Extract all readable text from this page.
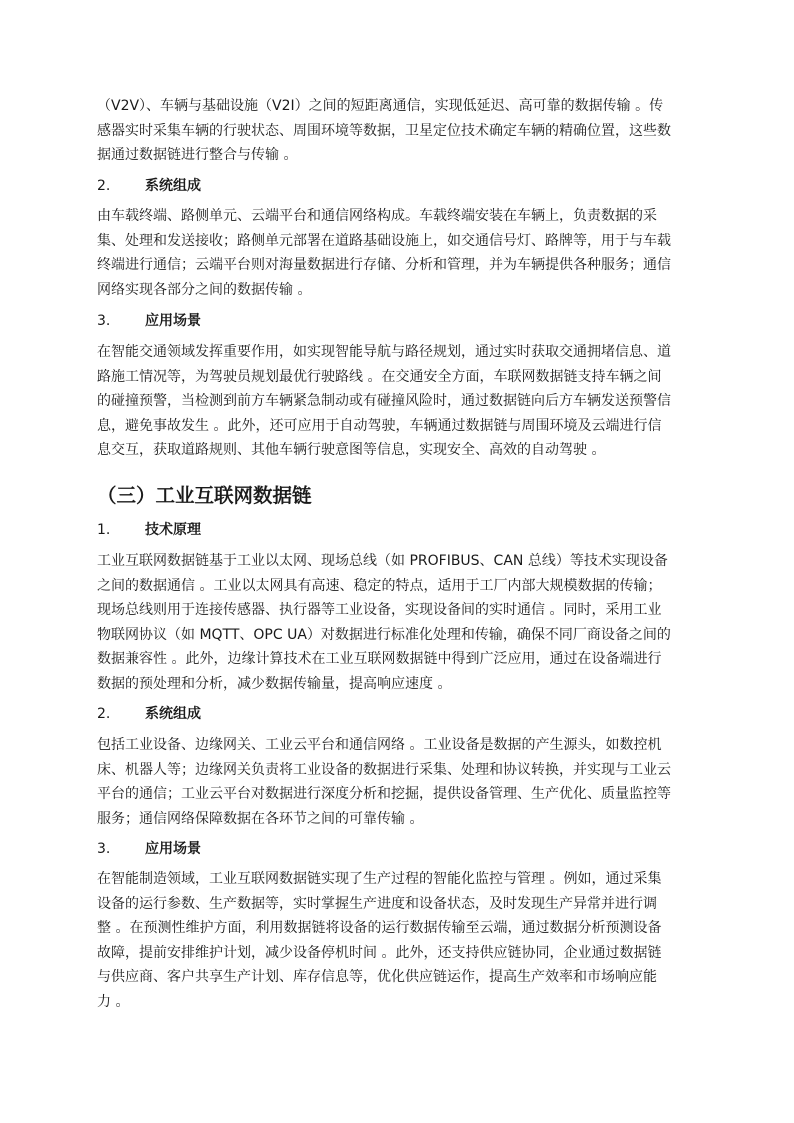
（V2V）、车辆与基础设施（V2I）之间的短距离通信，实现低延迟、高可靠的数据传输 。传
感器实时采集车辆的行驶状态、周围环境等数据，卫星定位技术确定车辆的精确位置，这些数
据通过数据链进行整合与传输 。
2. 系统组成
由车载终端、路侧单元、云端平台和通信网络构成。车载终端安装在车辆上，负责数据的采
集、处理和发送接收；路侧单元部署在道路基础设施上，如交通信号灯、路牌等，用于与车载
终端进行通信；云端平台则对海量数据进行存储、分析和管理，并为车辆提供各种服务；通信
网络实现各部分之间的数据传输 。
3. 应用场景
在智能交通领域发挥重要作用，如实现智能导航与路径规划，通过实时获取交通拥堵信息、道
路施工情况等，为驾驶员规划最优行驶路线 。在交通安全方面，车联网数据链支持车辆之间
的碰撞预警，当检测到前方车辆紧急制动或有碰撞风险时，通过数据链向后方车辆发送预警信
息，避免事故发生 。此外，还可应用于自动驾驶，车辆通过数据链与周围环境及云端进行信
息交互，获取道路规则、其他车辆行驶意图等信息，实现安全、高效的自动驾驶 。
（三）工业互联网数据链
1. 技术原理
工业互联网数据链基于工业以太网、现场总线（如 PROFIBUS、CAN 总线）等技术实现设备
之间的数据通信 。工业以太网具有高速、稳定的特点，适用于工厂内部大规模数据的传输；
现场总线则用于连接传感器、执行器等工业设备，实现设备间的实时通信 。同时，采用工业
物联网协议（如 MQTT、OPC UA）对数据进行标准化处理和传输，确保不同厂商设备之间的
数据兼容性 。此外，边缘计算技术在工业互联网数据链中得到广泛应用，通过在设备端进行
数据的预处理和分析，减少数据传输量，提高响应速度 。
2. 系统组成
包括工业设备、边缘网关、工业云平台和通信网络 。工业设备是数据的产生源头，如数控机
床、机器人等；边缘网关负责将工业设备的数据进行采集、处理和协议转换，并实现与工业云
平台的通信；工业云平台对数据进行深度分析和挖掘，提供设备管理、生产优化、质量监控等
服务；通信网络保障数据在各环节之间的可靠传输 。
3. 应用场景
在智能制造领域，工业互联网数据链实现了生产过程的智能化监控与管理 。例如，通过采集
设备的运行参数、生产数据等，实时掌握生产进度和设备状态，及时发现生产异常并进行调
整 。在预测性维护方面，利用数据链将设备的运行数据传输至云端，通过数据分析预测设备
故障，提前安排维护计划，减少设备停机时间 。此外，还支持供应链协同，企业通过数据链
与供应商、客户共享生产计划、库存信息等，优化供应链运作，提高生产效率和市场响应能
力 。
